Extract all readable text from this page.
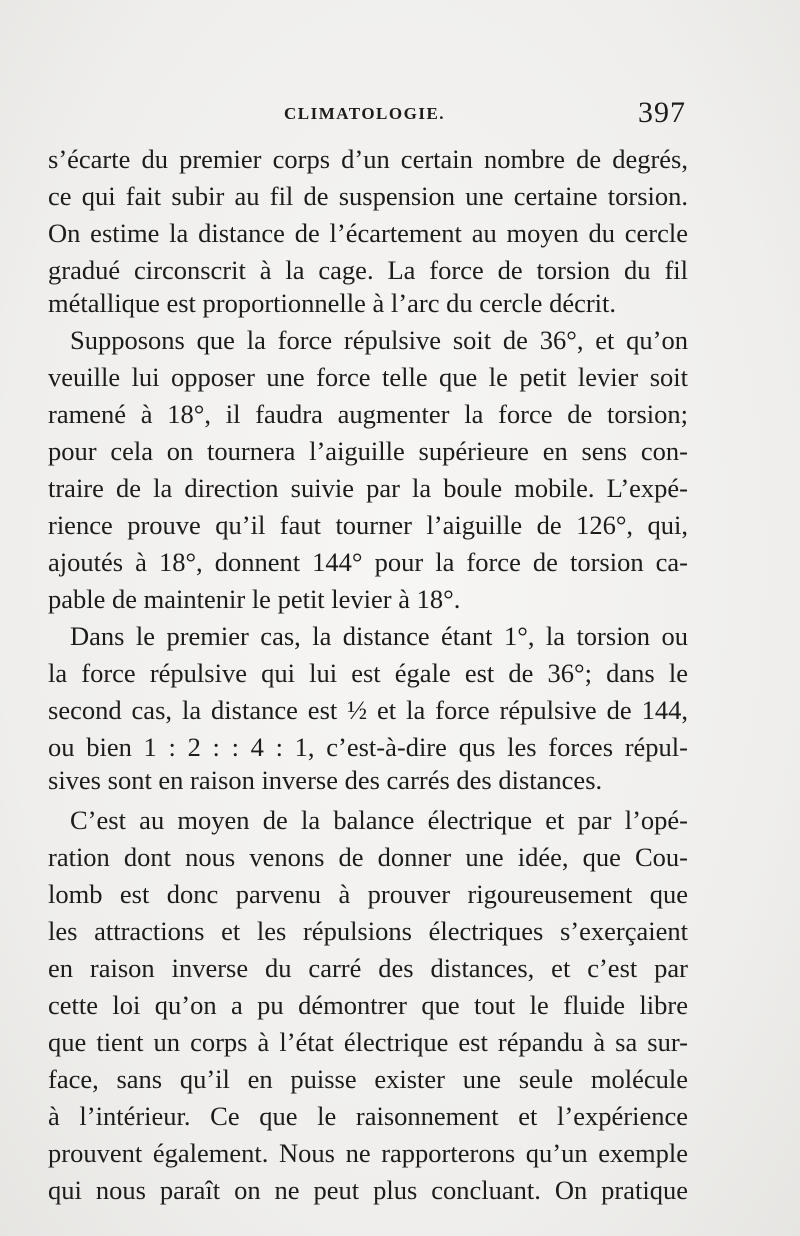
CLIMATOLOGIE.	397
s’écarte du premier corps d’un certain nombre de degrés,
ce qui fait subir au fil de suspension une certaine torsion.
On estime la distance de l’écartement au moyen du cercle
gradué circonscrit à la cage. La force de torsion du fil
métallique est proportionnelle à l’arc du cercle décrit.
Supposons que la force répulsive soit de 36°, et qu’on
veuille lui opposer une force telle que le petit levier soit
ramené à 18°, il faudra augmenter la force de torsion;
pour cela on tournera l’aiguille supérieure en sens con-
traire de la direction suivie par la boule mobile. L’expé-
rience prouve qu’il faut tourner l’aiguille de 126°, qui,
ajoutés à 18°, donnent 144° pour la force de torsion ca-
pable de maintenir le petit levier à 18°.
Dans le premier cas, la distance étant 1°, la torsion ou
la force répulsive qui lui est égale est de 36°; dans le
second cas, la distance est ½ et la force répulsive de 144,
ou bien 1 : 2 : : 4 : 1, c’est-à-dire qus les forces répul-
sives sont en raison inverse des carrés des distances.
C’est au moyen de la balance électrique et par l’opé-
ration dont nous venons de donner une idée, que Cou-
lomb est donc parvenu à prouver rigoureusement que
les attractions et les répulsions électriques s’exerçaient
en raison inverse du carré des distances, et c’est par
cette loi qu’on a pu démontrer que tout le fluide libre
que tient un corps à l’état électrique est répandu à sa sur-
face, sans qu’il en puisse exister une seule molécule
à l’intérieur. Ce que le raisonnement et l’expérience
prouvent également. Nous ne rapporterons qu’un exemple
qui nous paraît on ne peut plus concluant. On pratique
